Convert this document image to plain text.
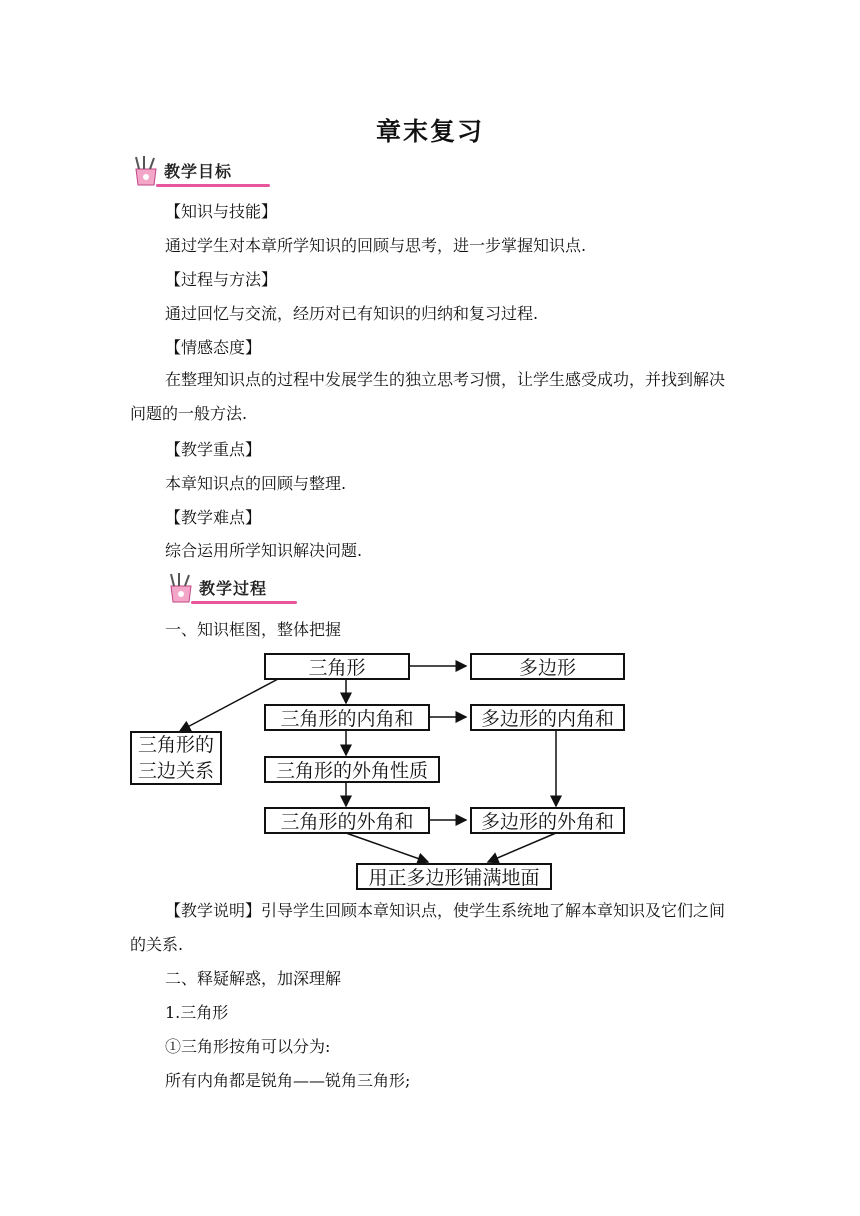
章末复习
教学目标
【知识与技能】
通过学生对本章所学知识的回顾与思考，进一步掌握知识点.
【过程与方法】
通过回忆与交流，经历对已有知识的归纳和复习过程.
【情感态度】
在整理知识点的过程中发展学生的独立思考习惯，让学生感受成功，并找到解决问题的一般方法.
【教学重点】
本章知识点的回顾与整理.
【教学难点】
综合运用所学知识解决问题.
教学过程
一、知识框图，整体把握
三角形	多边形
三角形的三边关系
三角形的内角和	多边形的内角和
三角形的外角性质
三角形的外角和	多边形的外角和
用正多边形铺满地面
【教学说明】引导学生回顾本章知识点，使学生系统地了解本章知识及它们之间的关系.
二、释疑解惑，加深理解
1.三角形
①三角形按角可以分为:
所有内角都是锐角——锐角三角形;
